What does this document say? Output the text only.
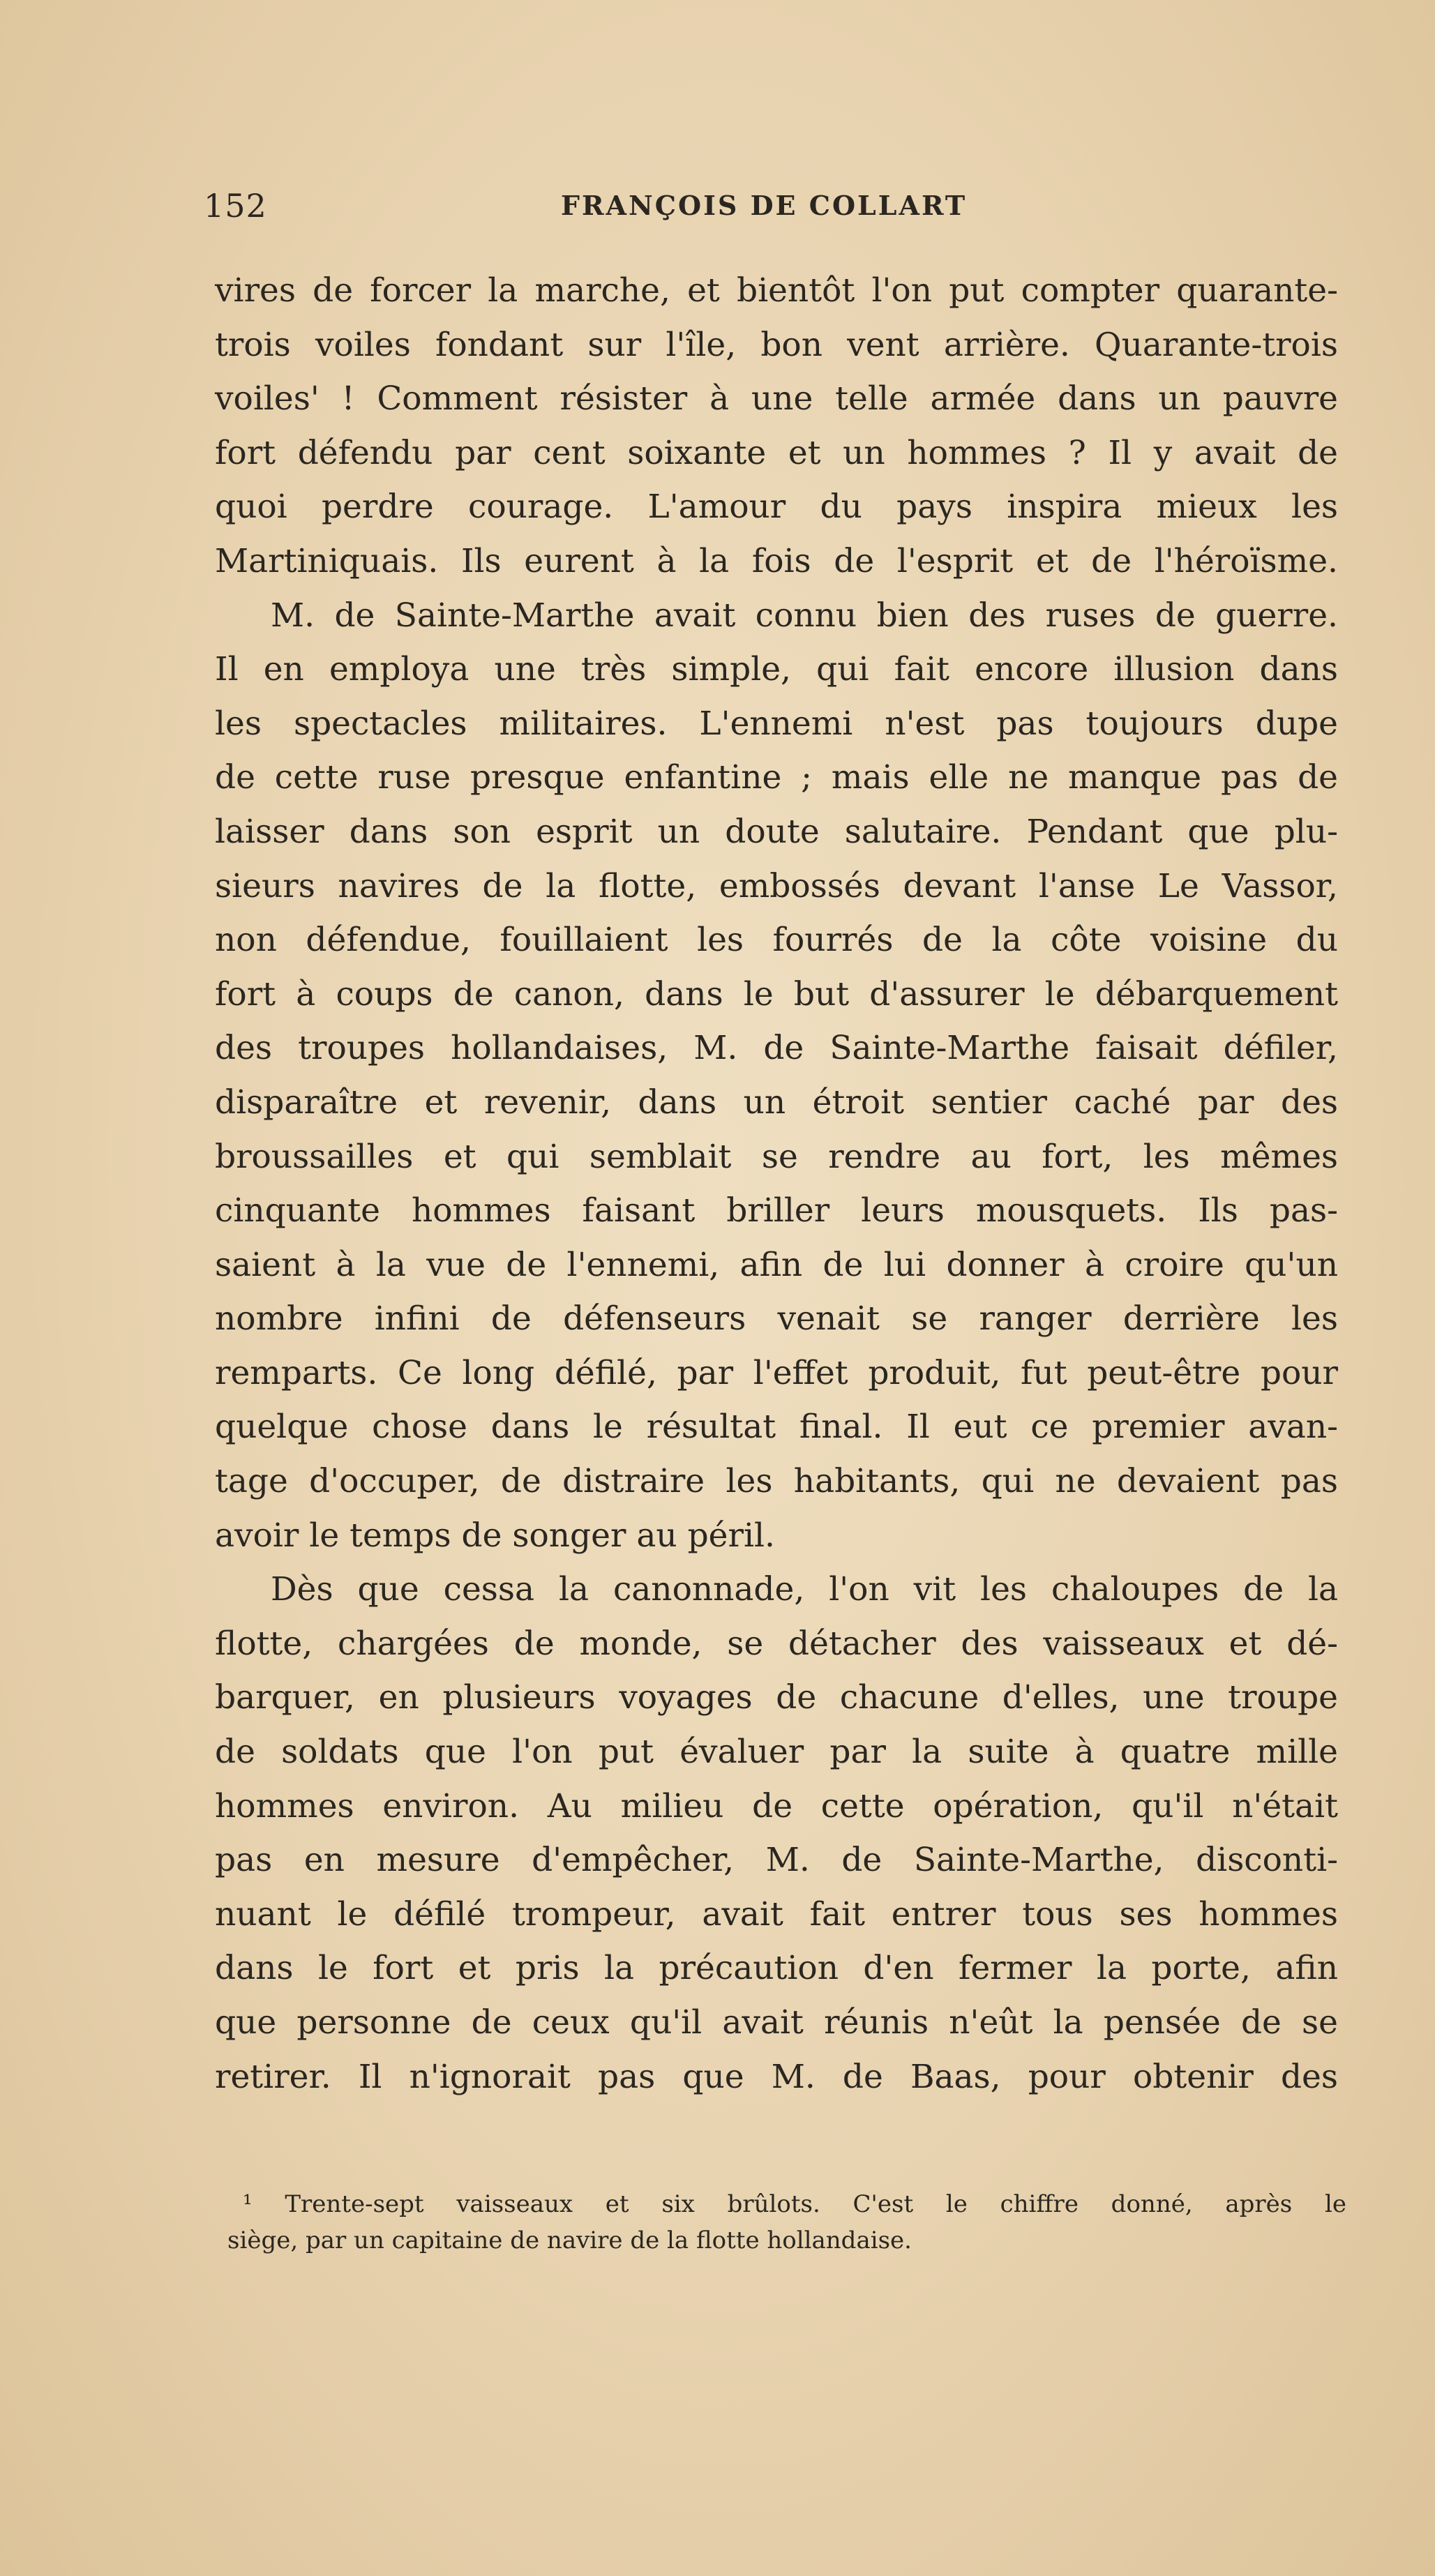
152	FRANÇOIS DE COLLART
vires de forcer la marche, et bientôt l'on put compter quarante-
trois voiles fondant sur l'île, bon vent arrière. Quarante-trois
voiles' ! Comment résister à une telle armée dans un pauvre
fort défendu par cent soixante et un hommes ? Il y avait de
quoi perdre courage. L'amour du pays inspira mieux les
Martiniquais. Ils eurent à la fois de l'esprit et de l'héroïsme.
M. de Sainte-Marthe avait connu bien des ruses de guerre.
Il en employa une très simple, qui fait encore illusion dans
les spectacles militaires. L'ennemi n'est pas toujours dupe
de cette ruse presque enfantine ; mais elle ne manque pas de
laisser dans son esprit un doute salutaire. Pendant que plu-
sieurs navires de la flotte, embossés devant l'anse Le Vassor,
non défendue, fouillaient les fourrés de la côte voisine du
fort à coups de canon, dans le but d'assurer le débarquement
des troupes hollandaises, M. de Sainte-Marthe faisait défiler,
disparaître et revenir, dans un étroit sentier caché par des
broussailles et qui semblait se rendre au fort, les mêmes
cinquante hommes faisant briller leurs mousquets. Ils pas-
saient à la vue de l'ennemi, afin de lui donner à croire qu'un
nombre infini de défenseurs venait se ranger derrière les
remparts. Ce long défilé, par l'effet produit, fut peut-être pour
quelque chose dans le résultat final. Il eut ce premier avan-
tage d'occuper, de distraire les habitants, qui ne devaient pas
avoir le temps de songer au péril.
Dès que cessa la canonnade, l'on vit les chaloupes de la
flotte, chargées de monde, se détacher des vaisseaux et dé-
barquer, en plusieurs voyages de chacune d'elles, une troupe
de soldats que l'on put évaluer par la suite à quatre mille
hommes environ. Au milieu de cette opération, qu'il n'était
pas en mesure d'empêcher, M. de Sainte-Marthe, disconti-
nuant le défilé trompeur, avait fait entrer tous ses hommes
dans le fort et pris la précaution d'en fermer la porte, afin
que personne de ceux qu'il avait réunis n'eût la pensée de se
retirer. Il n'ignorait pas que M. de Baas, pour obtenir des
¹ Trente-sept vaisseaux et six brûlots. C'est le chiffre donné, après le
siège, par un capitaine de navire de la flotte hollandaise.
